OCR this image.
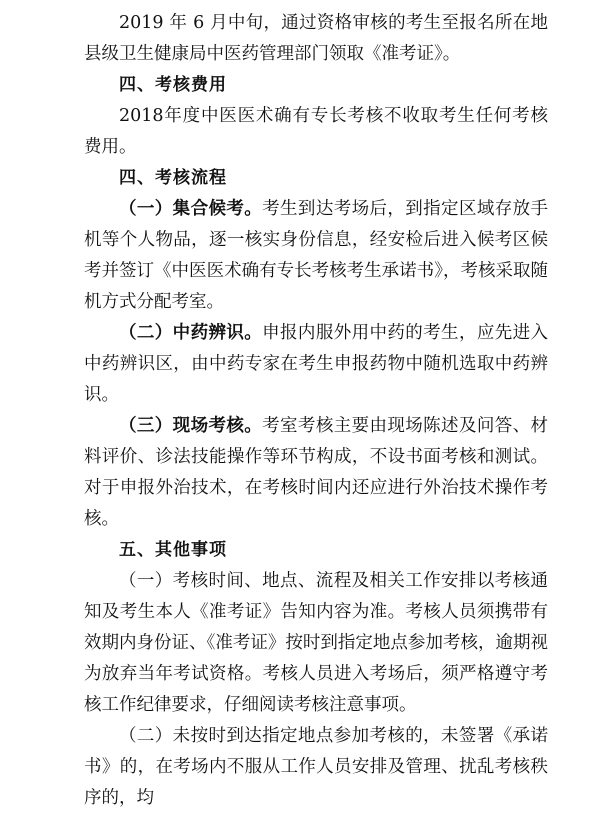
2019 年 6 月中旬，通过资格审核的考生至报名所在地县级卫生健康局中医药管理部门领取《准考证》。

四、考核费用

2018年度中医医术确有专长考核不收取考生任何考核费用。

四、考核流程

（一）集合候考。考生到达考场后，到指定区域存放手机等个人物品，逐一核实身份信息，经安检后进入候考区候考并签订《中医医术确有专长考核考生承诺书》，考核采取随机方式分配考室。

（二）中药辨识。申报内服外用中药的考生，应先进入中药辨识区，由中药专家在考生申报药物中随机选取中药辨识。

（三）现场考核。考室考核主要由现场陈述及问答、材料评价、诊法技能操作等环节构成，不设书面考核和测试。对于申报外治技术，在考核时间内还应进行外治技术操作考核。

五、其他事项

（一）考核时间、地点、流程及相关工作安排以考核通知及考生本人《准考证》告知内容为准。考核人员须携带有效期内身份证、《准考证》按时到指定地点参加考核，逾期视为放弃当年考试资格。考核人员进入考场后，须严格遵守考核工作纪律要求，仔细阅读考核注意事项。

（二）未按时到达指定地点参加考核的，未签署《承诺书》的，在考场内不服从工作人员安排及管理、扰乱考核秩序的，均
